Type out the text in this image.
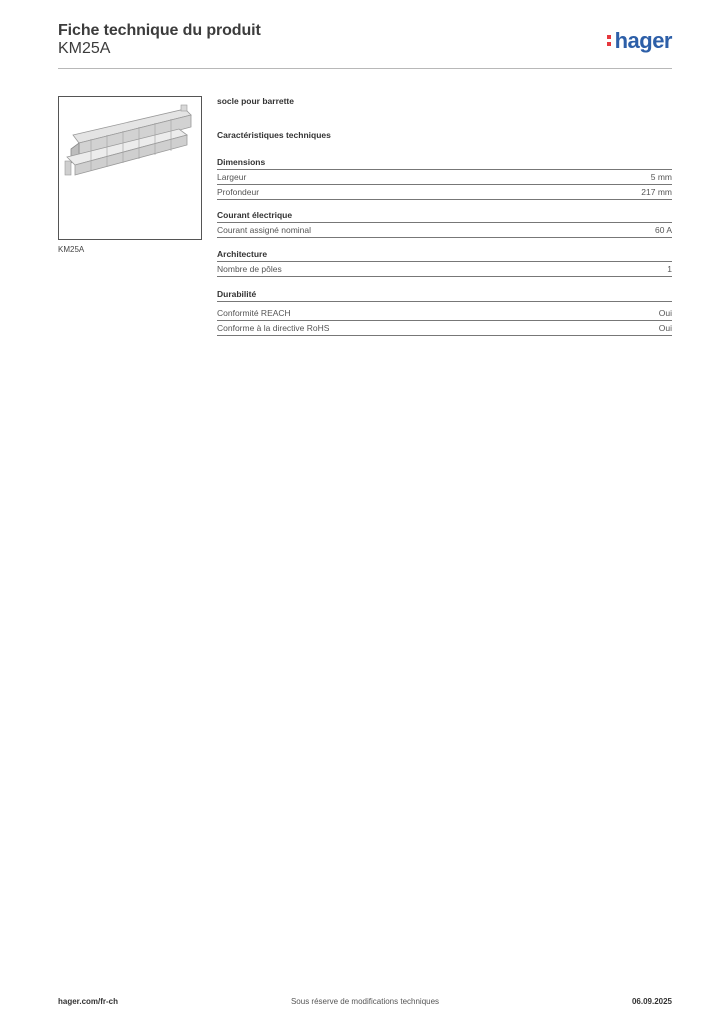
Fiche technique du produit
KM25A	hager
KM25A
socle pour barrette
Caractéristiques techniques
Dimensions
Largeur	5 mm
Profondeur	217 mm
Courant électrique
Courant assigné nominal	60 A
Architecture
Nombre de pôles	1
Durabilité
Conformité REACH	Oui
Conforme à la directive RoHS	Oui
hager.com/fr-ch	Sous réserve de modifications techniques	06.09.2025
